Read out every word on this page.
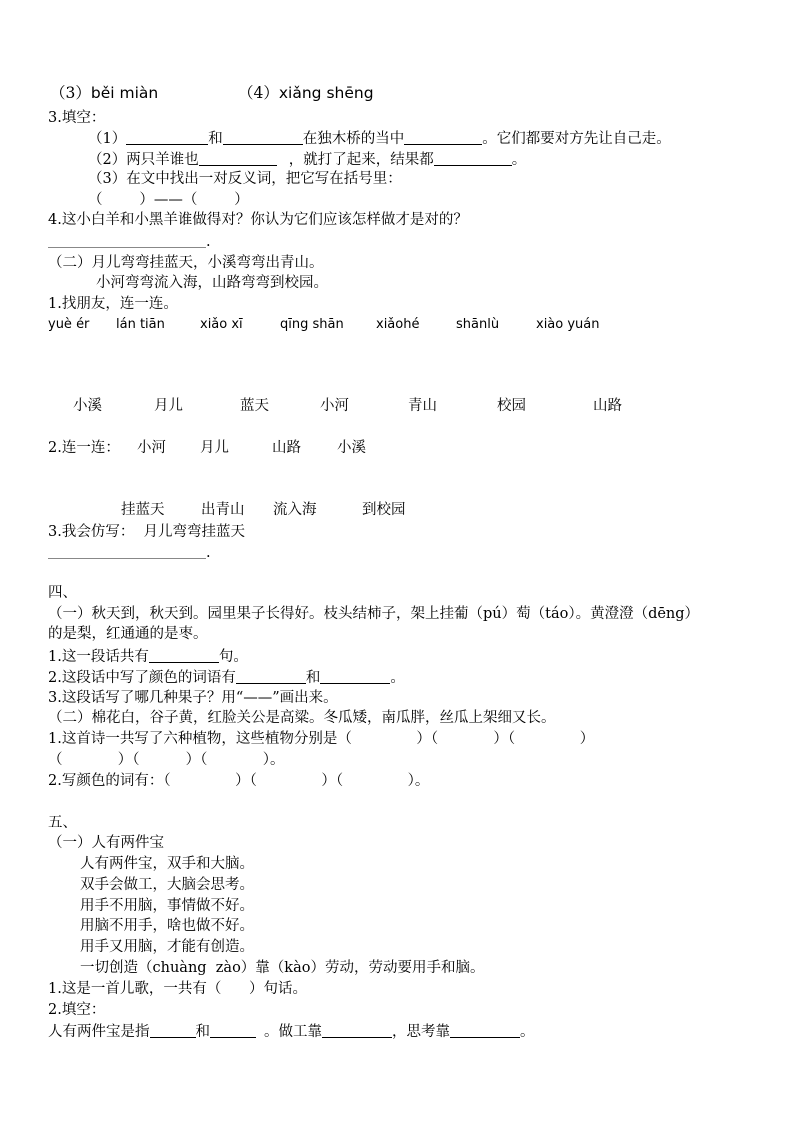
（3）běi miàn	（4）xiǎng shēng
3.填空：
（1）	和	在独木桥的当中	。它们都要对方先让自己走。
（2）两只羊谁也	，就打了起来，结果都	。
（3）在文中找出一对反义词，把它写在括号里：
（        ）——（        ）
4.这小白羊和小黑羊谁做得对？你认为它们应该怎样做才是对的？
.
（二）月儿弯弯挂蓝天，小溪弯弯出青山。
小河弯弯流入海，山路弯弯到校园。
1.找朋友，连一连。
yuè ér lán tiān	xiǎo xī	qīng shān xiǎohé	shānlù	xiào yuán
小溪	月儿	蓝天	小河	青山	校园	山路
2.连一连： 小河 月儿	山路 小溪
挂蓝天	出青山 流入海	到校园
3.我会仿写：  月儿弯弯挂蓝天
.
四、
（一）秋天到，秋天到。园里果子长得好。枝头结柿子，架上挂葡（pú）萄（táo）。黄澄澄（dēng）
的是梨，红通通的是枣。
1.这一段话共有	句。
2.这段话中写了颜色的词语有	和	。
3.这段话写了哪几种果子？用“——”画出来。
（二）棉花白，谷子黄，红脸关公是高粱。冬瓜矮，南瓜胖，丝瓜上架细又长。
1.这首诗一共写了六种植物，这些植物分别是（              ）（            ）（              ）
（            ）（          ）（            ）。
2.写颜色的词有：（              ）（              ）（              ）。
五、
（一）人有两件宝
人有两件宝，双手和大脑。
双手会做工，大脑会思考。
用手不用脑，事情做不好。
用脑不用手，啥也做不好。
用手又用脑，才能有创造。
一切创造（chuàng  zào）靠（kào）劳动，劳动要用手和脑。
1.这是一首儿歌，一共有（      ）句话。
2.填空：
人有两件宝是指	和	。做工靠	，思考靠	。
